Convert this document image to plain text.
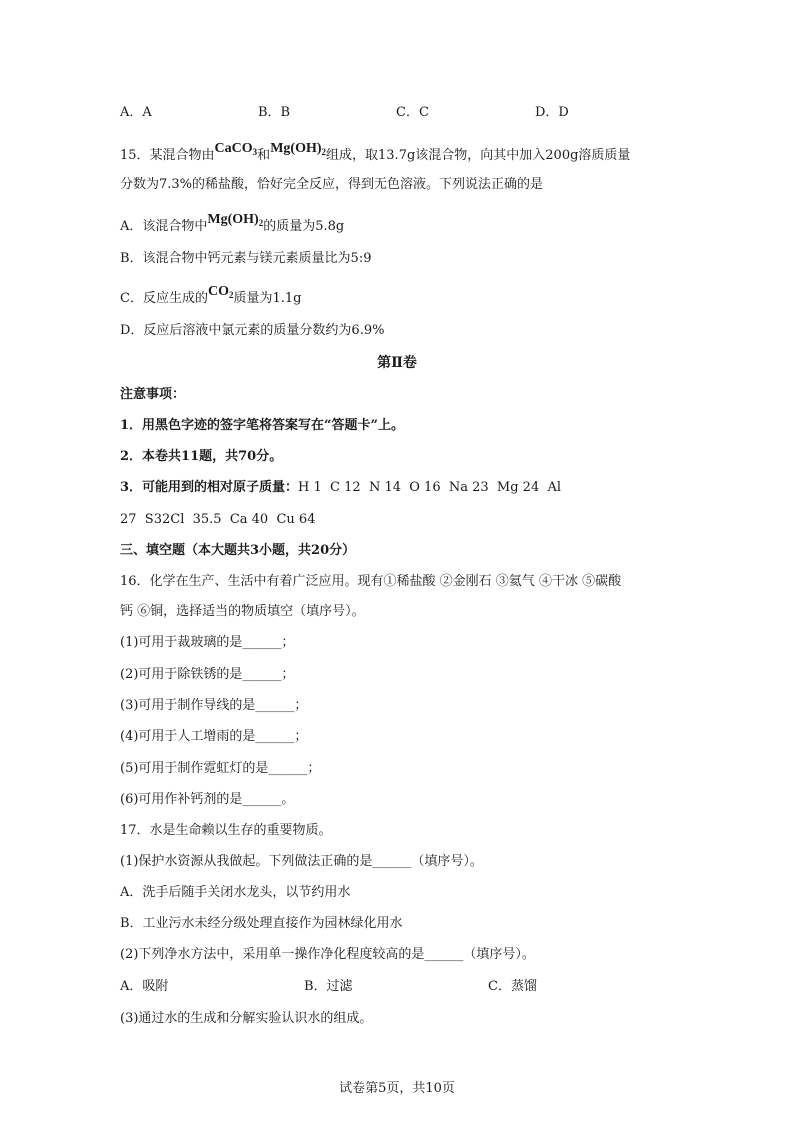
A．A	B．B	C．C	D．D
15．某混合物由CaCO$_3$和$Mg(OH)_2$组成，取13.7g该混合物，向其中加入200g溶质质量
分数为7.3%的稀盐酸，恰好完全反应，得到无色溶液。下列说法正确的是
A．该混合物中$Mg(OH)_2$的质量为5.8g
B．该混合物中钙元素与镁元素质量比为5:9
C．反应生成的$CO_2$质量为1.1g
D．反应后溶液中氯元素的质量分数约为6.9%
第Ⅱ卷
注意事项：
1．用黑色字迹的签字笔将答案写在“答题卡”上。
2．本卷共11题，共70分。
3．可能用到的相对原子质量：H 1  C 12  N 14  O 16  Na 23  Mg 24  Al
27  S32Cl  35.5  Ca 40  Cu 64
三、填空题（本大题共3小题，共20分）
16．化学在生产、生活中有着广泛应用。现有①稀盐酸 ②金刚石 ③氦气 ④干冰 ⑤碳酸
钙 ⑥铜，选择适当的物质填空（填序号）。
(1)可用于裁玻璃的是______；
(2)可用于除铁锈的是______；
(3)可用于制作导线的是______；
(4)可用于人工增雨的是______；
(5)可用于制作霓虹灯的是______；
(6)可用作补钙剂的是______。
17．水是生命赖以生存的重要物质。
(1)保护水资源从我做起。下列做法正确的是______（填序号）。
A．洗手后随手关闭水龙头，以节约用水
B．工业污水未经分级处理直接作为园林绿化用水
(2)下列净水方法中，采用单一操作净化程度较高的是______（填序号）。
A．吸附	B．过滤	C．蒸馏
(3)通过水的生成和分解实验认识水的组成。
试卷第5页，共10页
